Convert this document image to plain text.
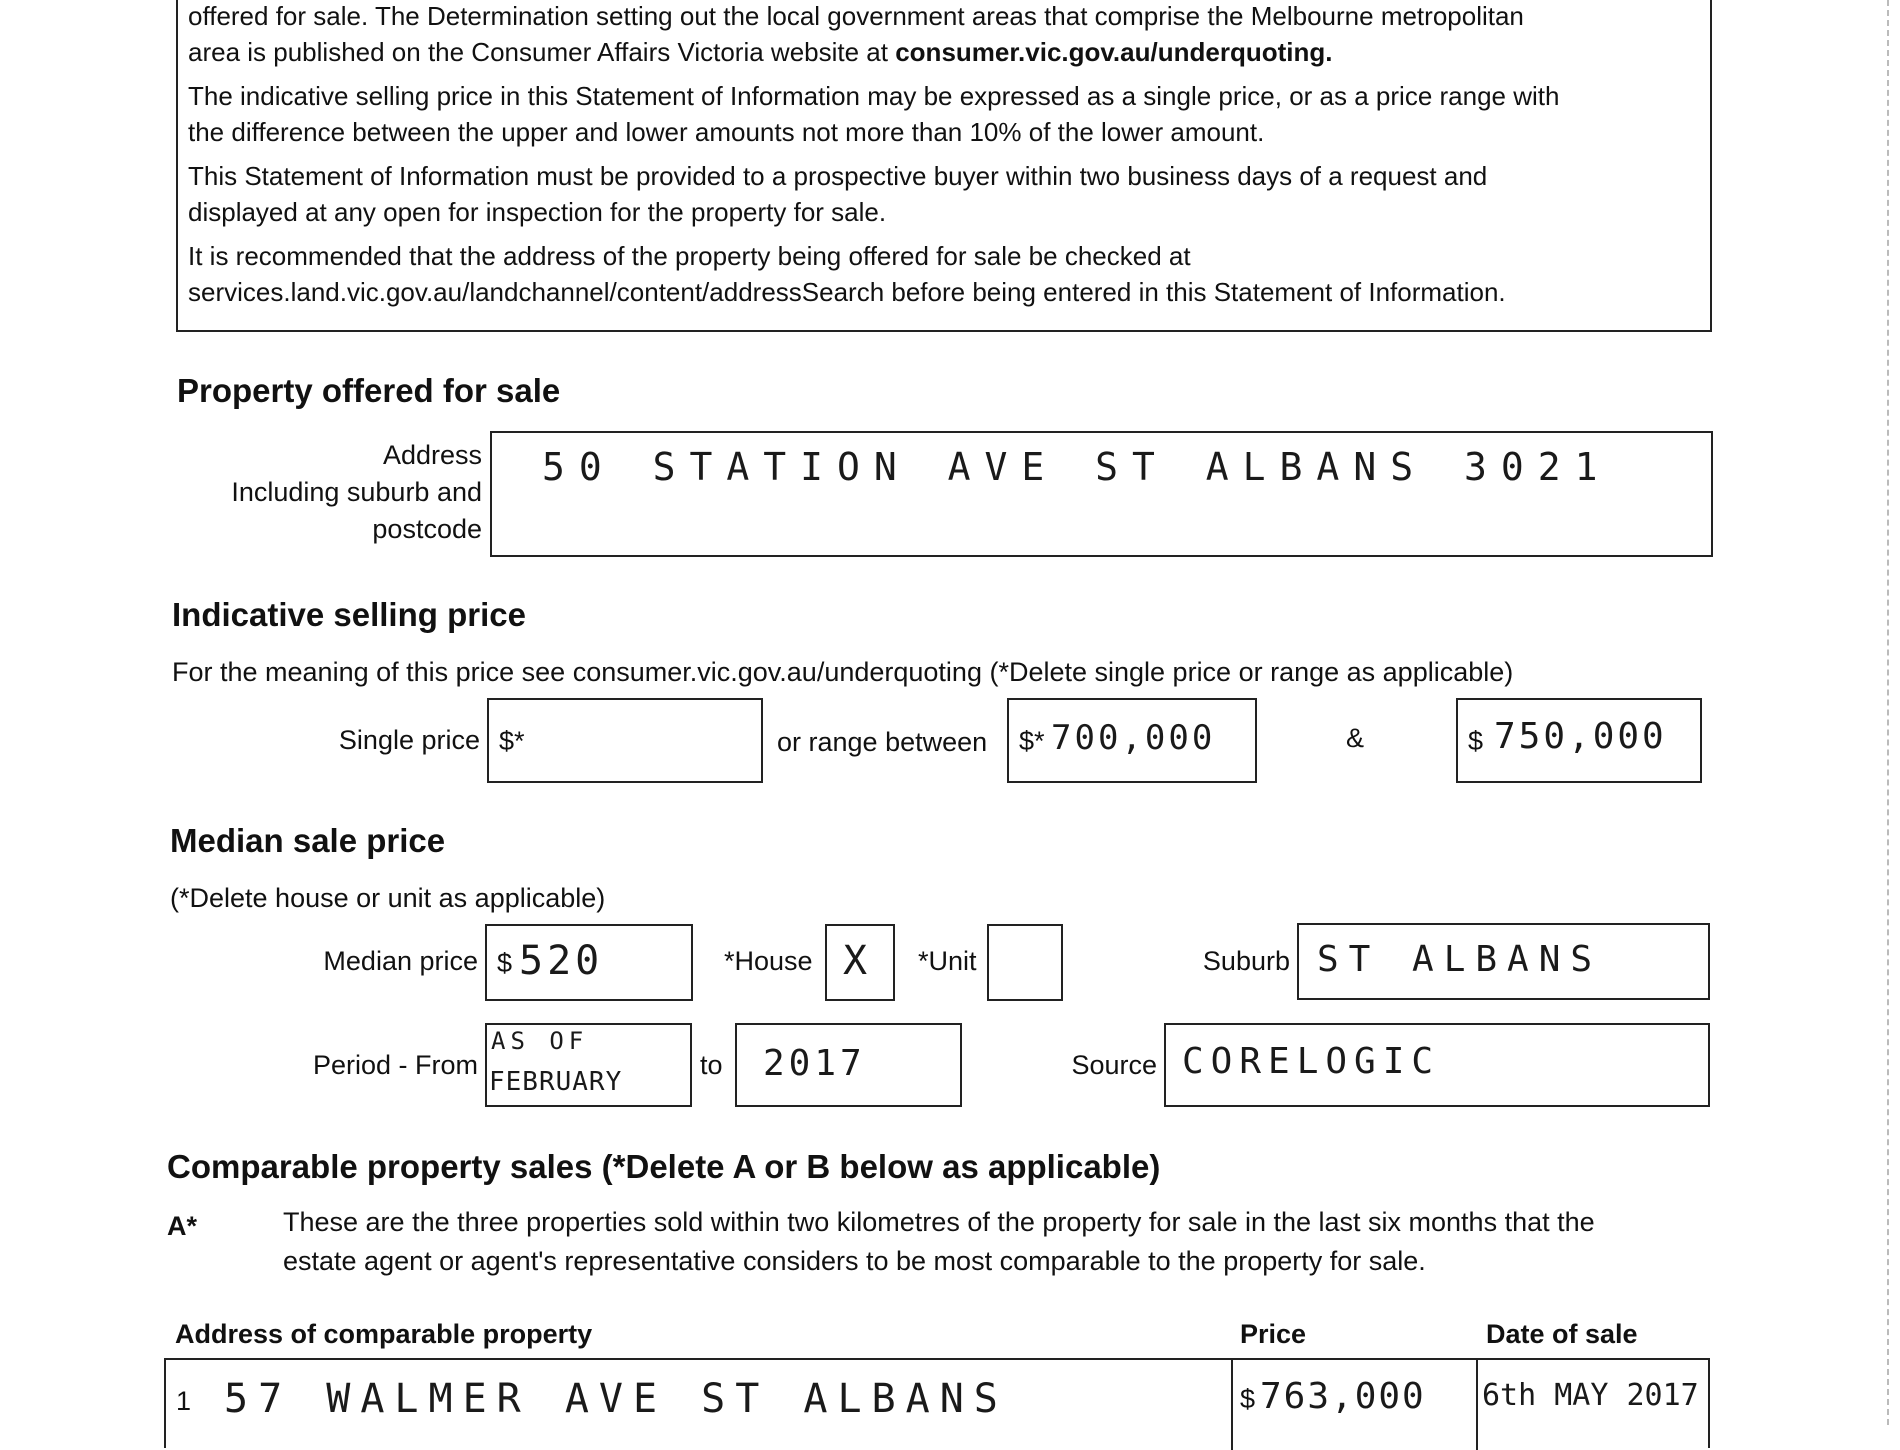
offered for sale. The Determination setting out the local government areas that comprise the Melbourne metropolitan

area is published on the Consumer Affairs Victoria website at consumer.vic.gov.au/underquoting.

The indicative selling price in this Statement of Information may be expressed as a single price, or as a price range with

the difference between the upper and lower amounts not more than 10% of the lower amount.

This Statement of Information must be provided to a prospective buyer within two business days of a request and

displayed at any open for inspection for the property for sale.

It is recommended that the address of the property being offered for sale be checked at

services.land.vic.gov.au/landchannel/content/addressSearch before being entered in this Statement of Information.

Property offered for sale
Address
Including suburb and
postcode
50 STATION AVE ST ALBANS 3021
Indicative selling price
For the meaning of this price see consumer.vic.gov.au/underquoting (*Delete single price or range as applicable)
Single price $*	or range between $* 700,000	&	$ 750,000
Median sale price
(*Delete house or unit as applicable)
Median price $ 520	*House X *Unit	Suburb ST ALBANS
Period - From
AS OF
FEBRUARY
to 2017	Source CORELOGIC
Comparable property sales (*Delete A or B below as applicable)
A*	These are the three properties sold within two kilometres of the property for sale in the last six months that the
estate agent or agent's representative considers to be most comparable to the property for sale.
Address of comparable property	Price	Date of sale
1 57 WALMER AVE ST ALBANS	$ 763,000 6th MAY 2017
